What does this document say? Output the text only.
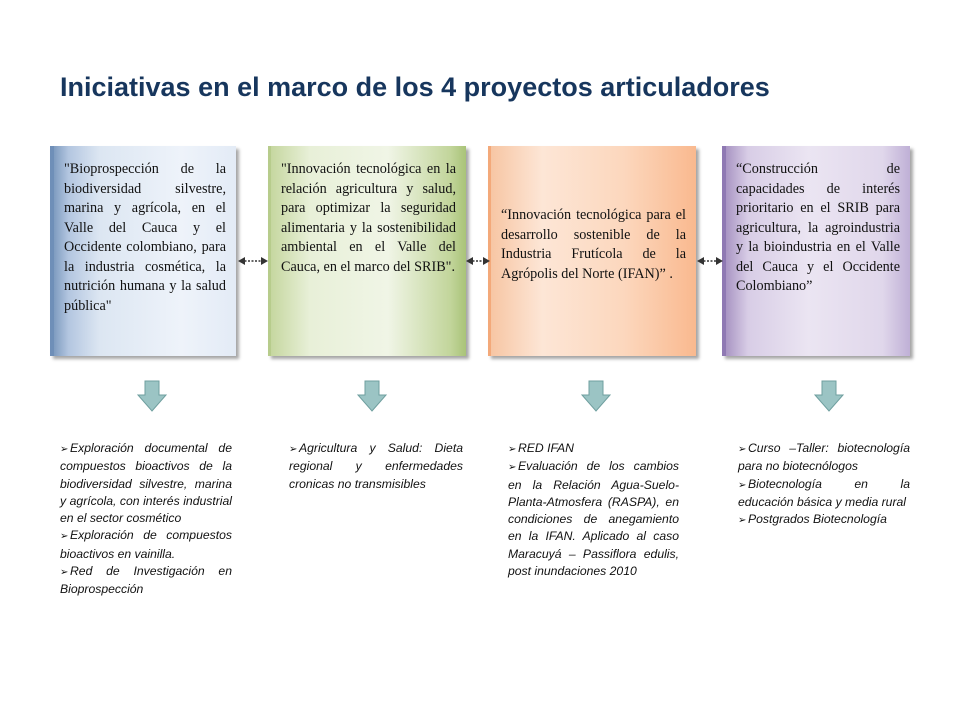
Iniciativas en el marco de los 4 proyectos articuladores

"Bioprospección de la biodiversidad silvestre, marina y agrícola, en el Valle del Cauca y el Occidente colombiano, para la industria cosmética, la nutrición humana y la salud pública"

"Innovación tecnológica en la relación agricultura y salud, para optimizar la seguridad alimentaria y la sostenibilidad ambiental en el Valle del Cauca, en el marco del SRIB".

“Innovación tecnológica para el desarrollo sostenible de la Industria Frutícola de la Agrópolis del Norte (IFAN)” .

“Construcción de capacidades de interés prioritario en el SRIB para agricultura, la agroindustria y la bioindustria en el Valle del Cauca y el Occidente Colombiano”

➢ Exploración documental de compuestos bioactivos de la biodiversidad silvestre, marina y agrícola, con interés industrial en el sector cosmético
➢ Exploración de compuestos bioactivos en vainilla.
➢ Red de Investigación en Bioprospección
➢ Agricultura y Salud: Dieta regional y enfermedades cronicas no transmisibles
➢ RED IFAN
➢ Evaluación de los cambios en la Relación Agua-Suelo-Planta-Atmosfera (RASPA), en condiciones de anegamiento en la IFAN. Aplicado al caso Maracuyá – Passiflora edulis, post inundaciones 2010
➢ Curso –Taller: biotecnología para no biotecnólogos
➢ Biotecnología en la educación básica y media rural
➢ Postgrados Biotecnología
